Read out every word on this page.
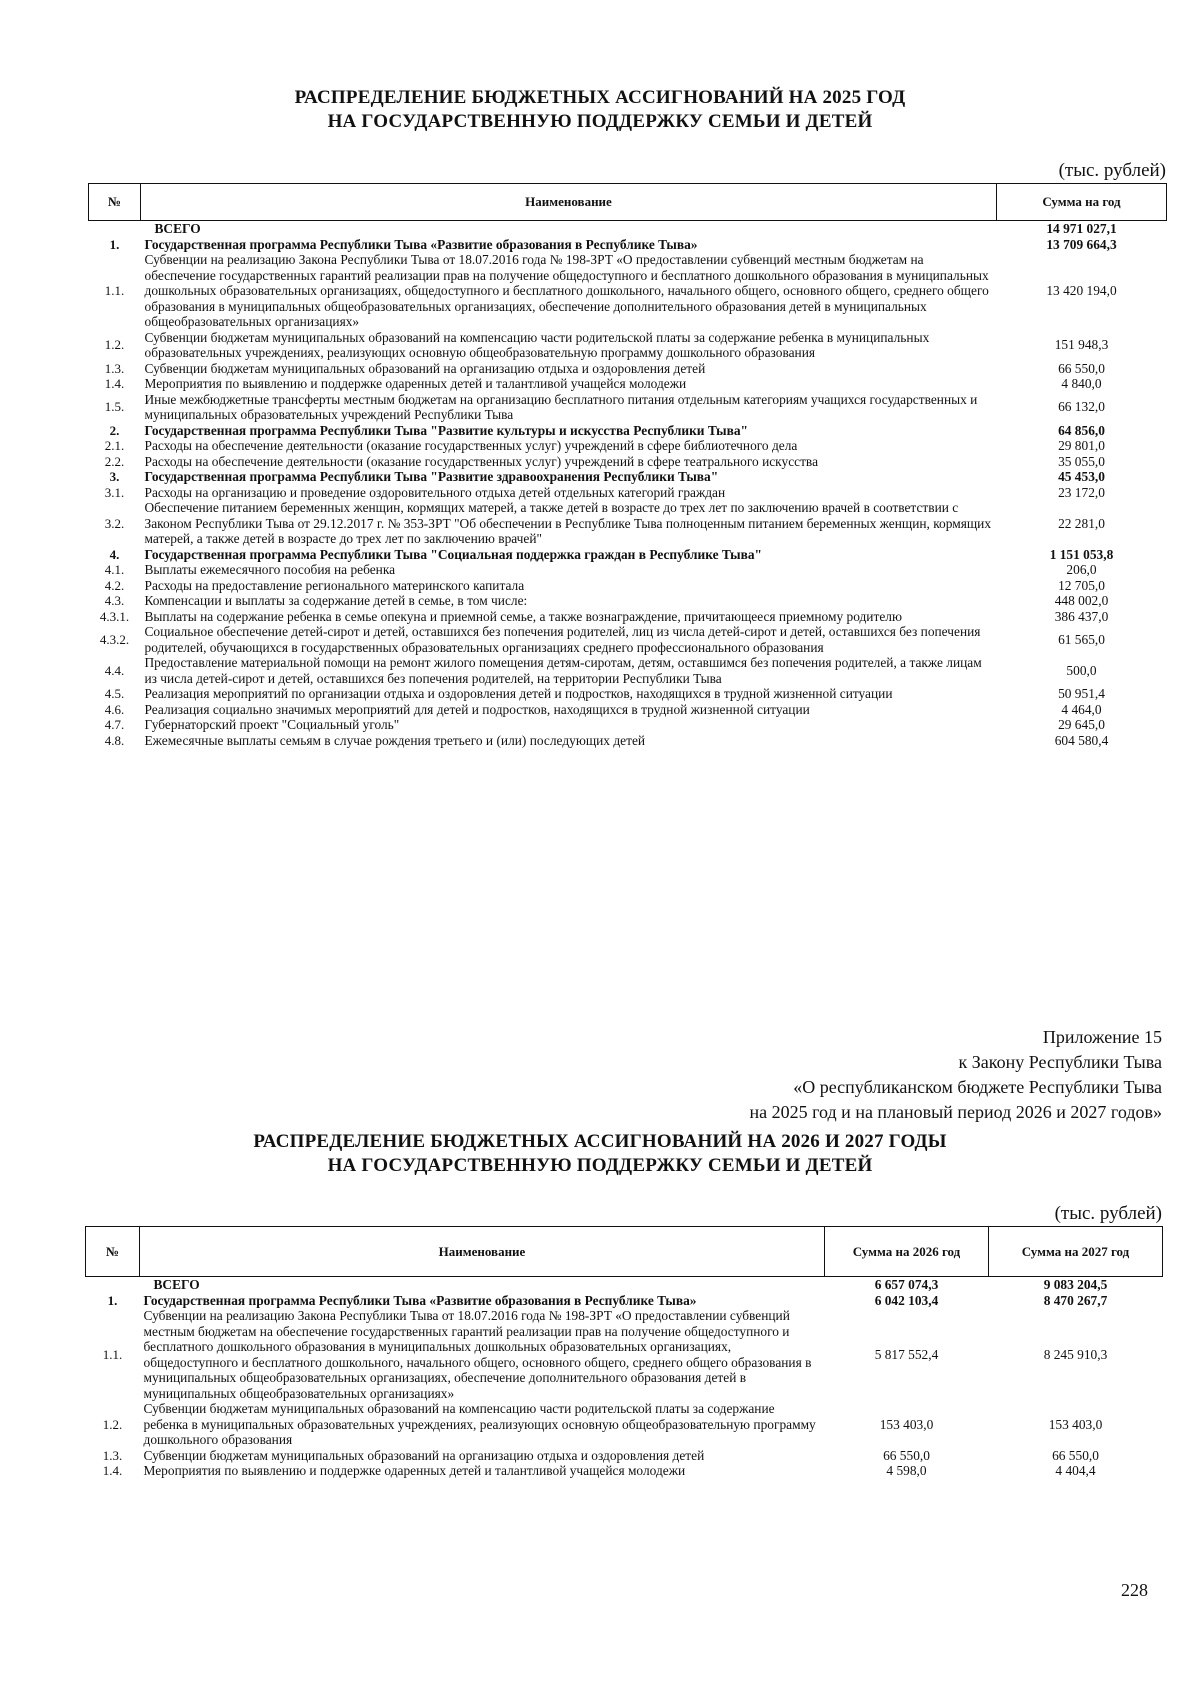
РАСПРЕДЕЛЕНИЕ БЮДЖЕТНЫХ АССИГНОВАНИЙ НА 2025 ГОД
НА ГОСУДАРСТВЕННУЮ ПОДДЕРЖКУ СЕМЬИ И ДЕТЕЙ
(тыс. рублей)
№	Наименование	Сумма на год
	ВСЕГО	14 971 027,1
1.	Государственная программа Республики Тыва «Развитие образования в Республике Тыва»	13 709 664,3
1.1.	Субвенции на реализацию Закона Республики Тыва от 18.07.2016 года № 198-ЗРТ «О предоставлении субвенций местным бюджетам на обеспечение государственных гарантий реализации прав на получение общедоступного и бесплатного дошкольного образования в муниципальных дошкольных образовательных организациях, общедоступного и бесплатного дошкольного, начального общего, основного общего, среднего общего образования в муниципальных общеобразовательных организациях, обеспечение дополнительного образования детей в муниципальных общеобразовательных организациях»	13 420 194,0
1.2.	Субвенции бюджетам муниципальных образований на компенсацию части родительской платы за содержание ребенка в муниципальных образовательных учреждениях, реализующих основную общеобразовательную программу дошкольного образования	151 948,3
1.3.	Субвенции бюджетам муниципальных образований на организацию отдыха и оздоровления детей	66 550,0
1.4.	Мероприятия по выявлению и поддержке одаренных детей и талантливой учащейся молодежи	4 840,0
1.5.	Иные межбюджетные трансферты местным бюджетам на организацию бесплатного питания отдельным категориям учащихся государственных и муниципальных образовательных учреждений Республики Тыва	66 132,0
2.	Государственная программа Республики Тыва "Развитие культуры и искусства Республики Тыва"	64 856,0
2.1.	Расходы на обеспечение деятельности (оказание государственных услуг) учреждений в сфере библиотечного дела	29 801,0
2.2.	Расходы на обеспечение деятельности (оказание государственных услуг) учреждений в сфере театрального искусства	35 055,0
3.	Государственная программа Республики Тыва "Развитие здравоохранения Республики Тыва"	45 453,0
3.1.	Расходы на организацию и проведение оздоровительного отдыха детей отдельных категорий граждан	23 172,0
3.2.	Обеспечение питанием беременных женщин, кормящих матерей, а также детей в возрасте до трех лет по заключению врачей в соответствии с Законом Республики Тыва от 29.12.2017 г. № 353-ЗРТ "Об обеспечении в Республике Тыва полноценным питанием беременных женщин, кормящих матерей, а также детей в возрасте до трех лет по заключению врачей"	22 281,0
4.	Государственная программа Республики Тыва "Социальная поддержка граждан в Республике Тыва"	1 151 053,8
4.1.	Выплаты ежемесячного пособия на ребенка	206,0
4.2.	Расходы на предоставление регионального материнского капитала	12 705,0
4.3.	Компенсации и выплаты за содержание детей в семье, в том числе:	448 002,0
4.3.1.	Выплаты на содержание ребенка в семье опекуна и приемной семье, а также вознаграждение, причитающееся приемному родителю	386 437,0
4.3.2.	Социальное обеспечение детей-сирот и детей, оставшихся без попечения родителей, лиц из числа детей-сирот и детей, оставшихся без попечения родителей, обучающихся в государственных образовательных организациях среднего профессионального образования	61 565,0
4.4.	Предоставление материальной помощи на ремонт жилого помещения детям-сиротам, детям, оставшимся без попечения родителей, а также лицам из числа детей-сирот и детей, оставшихся без попечения родителей, на территории Республики Тыва	500,0
4.5.	Реализация мероприятий по организации отдыха и оздоровления детей и подростков, находящихся в трудной жизненной ситуации	50 951,4
4.6.	Реализация социально значимых мероприятий для детей и подростков, находящихся в трудной жизненной ситуации	4 464,0
4.7.	Губернаторский проект "Социальный уголь"	29 645,0
4.8.	Ежемесячные выплаты семьям в случае рождения третьего и (или) последующих детей	604 580,4
Приложение 15
к Закону Республики Тыва
«О республиканском бюджете Республики Тыва
на 2025 год и на плановый период 2026 и 2027 годов»
РАСПРЕДЕЛЕНИЕ БЮДЖЕТНЫХ АССИГНОВАНИЙ НА 2026 И 2027 ГОДЫ
НА ГОСУДАРСТВЕННУЮ ПОДДЕРЖКУ СЕМЬИ И ДЕТЕЙ
(тыс. рублей)
№	Наименование	Сумма на 2026 год	Сумма на 2027 год
	ВСЕГО	6 657 074,3	9 083 204,5
1.	Государственная программа Республики Тыва «Развитие образования в Республике Тыва»	6 042 103,4	8 470 267,7
1.1.	Субвенции на реализацию Закона Республики Тыва от 18.07.2016 года № 198-ЗРТ «О предоставлении субвенций местным бюджетам на обеспечение государственных гарантий реализации прав на получение общедоступного и бесплатного дошкольного образования в муниципальных дошкольных образовательных организациях, общедоступного и бесплатного дошкольного, начального общего, основного общего, среднего общего образования в муниципальных общеобразовательных организациях, обеспечение дополнительного образования детей в муниципальных общеобразовательных организациях»	5 817 552,4	8 245 910,3
1.2.	Субвенции бюджетам муниципальных образований на компенсацию части родительской платы за содержание ребенка в муниципальных образовательных учреждениях, реализующих основную общеобразовательную программу дошкольного образования	153 403,0	153 403,0
1.3.	Субвенции бюджетам муниципальных образований на организацию отдыха и оздоровления детей	66 550,0	66 550,0
1.4.	Мероприятия по выявлению и поддержке одаренных детей и талантливой учащейся молодежи	4 598,0	4 404,4
228
